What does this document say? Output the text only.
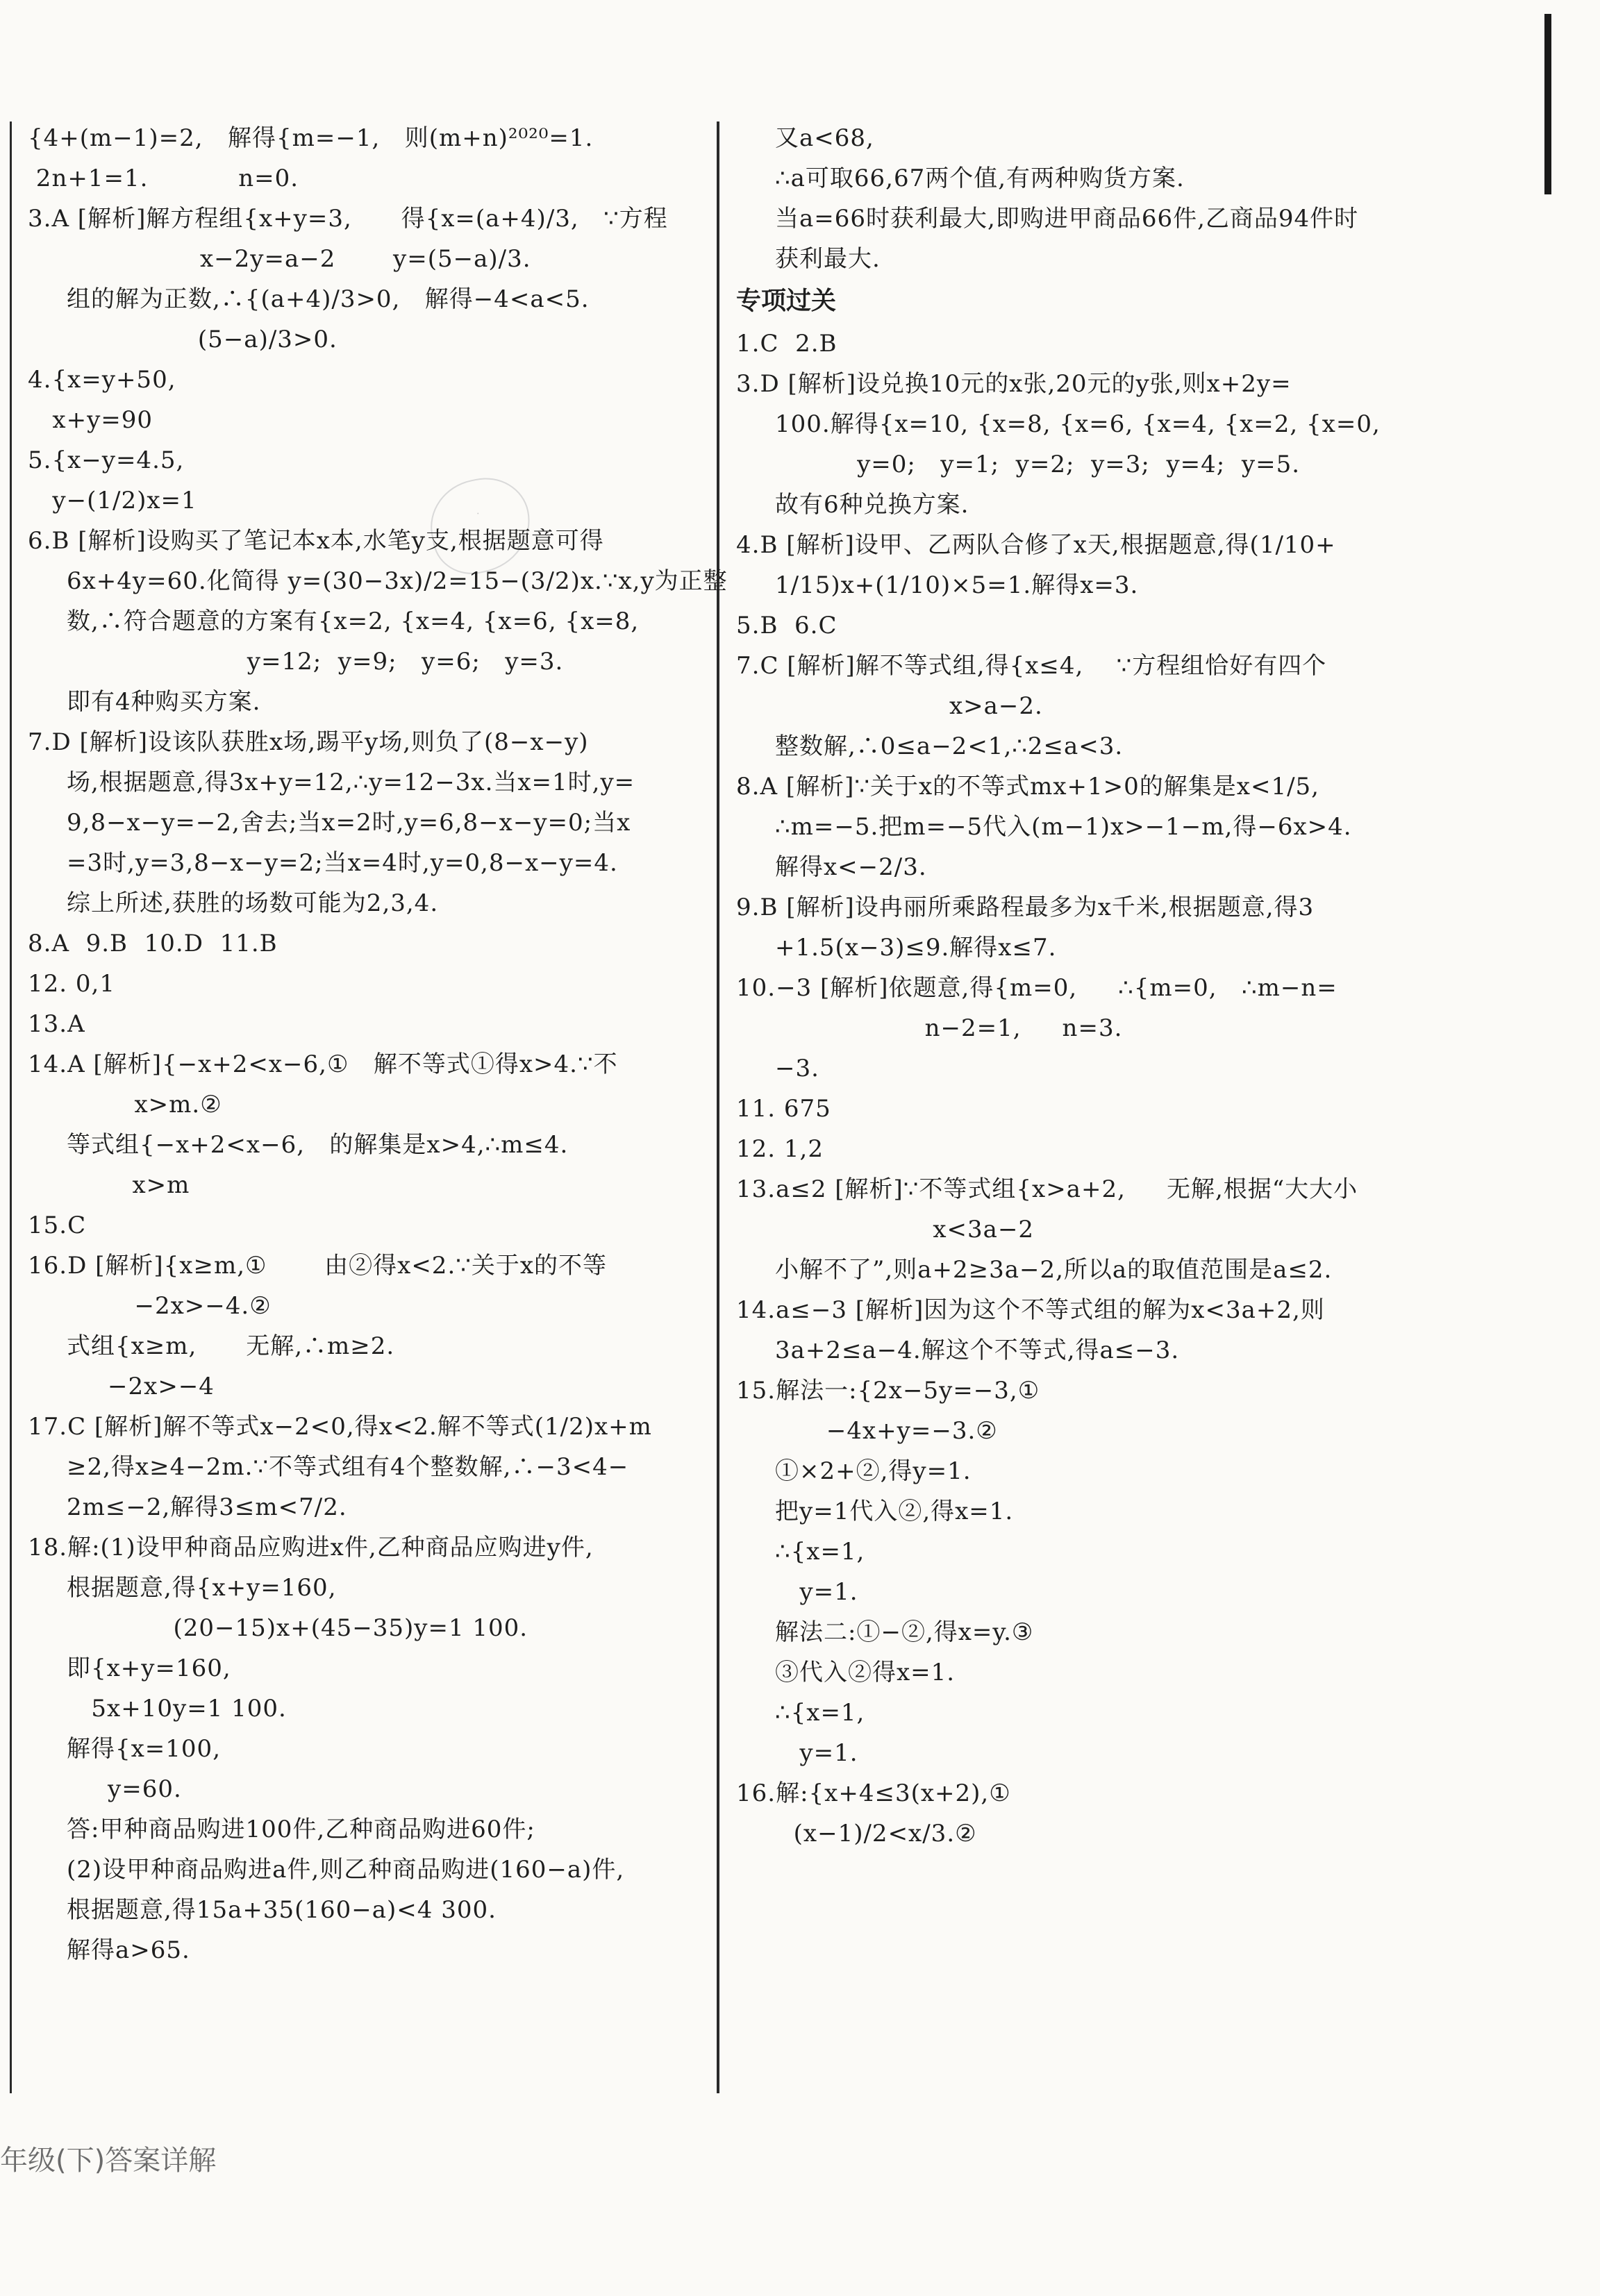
·

{4+(m−1)=2,   解得{m=−1,   则(m+n)²⁰²⁰=1.

2n+1=1.           n=0.

3.A [解析]解方程组{x+y=3,      得{x=(a+4)/3,   ∵方程

x−2y=a−2       y=(5−a)/3.

组的解为正数,∴{(a+4)/3>0,   解得−4<a<5.

(5−a)/3>0.

4.{x=y+50,

x+y=90

5.{x−y=4.5,

y−(1/2)x=1

6.B [解析]设购买了笔记本x本,水笔y支,根据题意可得

6x+4y=60.化简得 y=(30−3x)/2=15−(3/2)x.∵x,y为正整

数,∴符合题意的方案有{x=2, {x=4, {x=6, {x=8,

y=12;  y=9;   y=6;   y=3.

即有4种购买方案.

7.D [解析]设该队获胜x场,踢平y场,则负了(8−x−y)

场,根据题意,得3x+y=12,∴y=12−3x.当x=1时,y=

9,8−x−y=−2,舍去;当x=2时,y=6,8−x−y=0;当x

=3时,y=3,8−x−y=2;当x=4时,y=0,8−x−y=4.

综上所述,获胜的场数可能为2,3,4.

8.A  9.B  10.D  11.B

12. 0,1

13.A

14.A [解析]{−x+2<x−6,①   解不等式①得x>4.∵不

x>m.②

等式组{−x+2<x−6,   的解集是x>4,∴m≤4.

x>m

15.C

16.D [解析]{x≥m,①       由②得x<2.∵关于x的不等

−2x>−4.②

式组{x≥m,      无解,∴m≥2.

−2x>−4

17.C [解析]解不等式x−2<0,得x<2.解不等式(1/2)x+m

≥2,得x≥4−2m.∵不等式组有4个整数解,∴−3<4−

2m≤−2,解得3≤m<7/2.

18.解:(1)设甲种商品应购进x件,乙种商品应购进y件,

根据题意,得{x+y=160,

(20−15)x+(45−35)y=1 100.

即{x+y=160,

5x+10y=1 100.

解得{x=100,

y=60.

答:甲种商品购进100件,乙种商品购进60件;

(2)设甲种商品购进a件,则乙种商品购进(160−a)件,

根据题意,得15a+35(160−a)<4 300.

解得a>65.

又a<68,

∴a可取66,67两个值,有两种购货方案.

当a=66时获利最大,即购进甲商品66件,乙商品94件时

获利最大.

专项过关

1.C  2.B

3.D [解析]设兑换10元的x张,20元的y张,则x+2y=

100.解得{x=10, {x=8, {x=6, {x=4, {x=2, {x=0,

y=0;   y=1;  y=2;  y=3;  y=4;  y=5.

故有6种兑换方案.

4.B [解析]设甲、乙两队合修了x天,根据题意,得(1/10+

1/15)x+(1/10)×5=1.解得x=3.

5.B  6.C

7.C [解析]解不等式组,得{x≤4,    ∵方程组恰好有四个

x>a−2.

整数解,∴0≤a−2<1,∴2≤a<3.

8.A [解析]∵关于x的不等式mx+1>0的解集是x<1/5,

∴m=−5.把m=−5代入(m−1)x>−1−m,得−6x>4.

解得x<−2/3.

9.B [解析]设冉丽所乘路程最多为x千米,根据题意,得3

+1.5(x−3)≤9.解得x≤7.

10.−3 [解析]依题意,得{m=0,     ∴{m=0,   ∴m−n=

n−2=1,     n=3.

−3.

11. 675

12. 1,2

13.a≤2 [解析]∵不等式组{x>a+2,     无解,根据“大大小

x<3a−2

小解不了”,则a+2≥3a−2,所以a的取值范围是a≤2.

14.a≤−3 [解析]因为这个不等式组的解为x<3a+2,则

3a+2≤a−4.解这个不等式,得a≤−3.

15.解法一:{2x−5y=−3,①

−4x+y=−3.②

①×2+②,得y=1.

把y=1代入②,得x=1.

∴{x=1,

y=1.

解法二:①−②,得x=y.③

③代入②得x=1.

∴{x=1,

y=1.

16.解:{x+4≤3(x+2),①

(x−1)/2<x/3.②

年级(下)答案详解
